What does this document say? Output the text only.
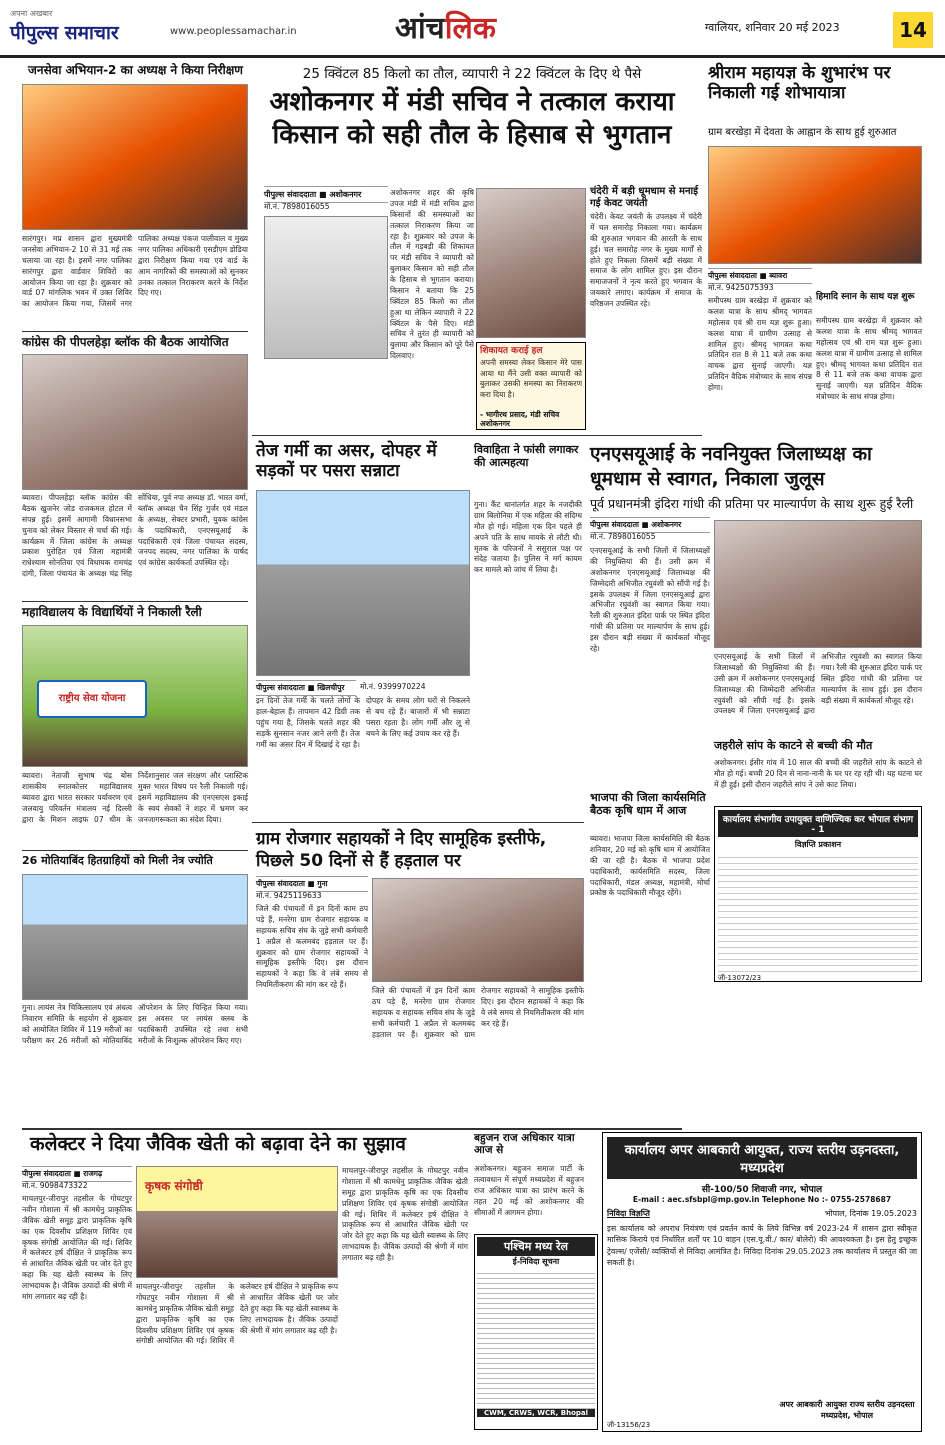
अपना अखबार
पीपुल्स समाचार	www.peoplessamachar.in	आंचलिक	ग्वालियर, शनिवार 20 मई 2023	14
जनसेवा अभियान-2 का अध्यक्ष ने किया निरीक्षण
सारंगपुर। मप्र शासन द्वारा मुख्यमंत्री जनसेवा अभियान-2 10 से 31 मई तक चलाया जा रहा है। इसमें नगर पालिका सारंगपुर द्वारा वार्डवार शिविरों का आयोजन किया जा रहा है। शुक्रवार को वार्ड 07 मांगलिक भवन में उक्त शिविर का आयोजन किया गया, जिसमें नगर पालिका अध्यक्ष पंकज पालीवाल व मुख्य नगर पालिका अधिकारी एसडीएम डोडिया द्वारा निरीक्षण किया गया एवं वार्ड के आम नागरिकों की समस्याओं को सुनकर उनका तत्काल निराकरण करने के निर्देश दिए गए।
कांग्रेस की पीपलहेड़ा ब्लॉक की बैठक आयोजित
ब्यावरा। पीपलहेड़ा ब्लॉक कांग्रेस की बैठक खुजनेर जोड राजकमल होटल में संपन्न हुई। इसमें आगामी विधानसभा चुनाव को लेकर विस्तार से चर्चा की गई। कार्यक्रम में जिला कांग्रेस के अध्यक्ष प्रकाश पुरोहित एवं जिला महामंत्री राधेश्याम सोनतिया एवं विधायक रामचंद्र दांगी, जिला पंचायत के अध्यक्ष चंद्र सिंह सोंधिया, पूर्व नपा अध्यक्ष डॉ. भारत वर्मा, ब्लॉक अध्यक्ष चैन सिंह गुर्जर एवं मंडल के अध्यक्ष, सेक्टर प्रभारी, युवक कांग्रेस के पदाधिकारी, एनएसयूआई के पदाधिकारी एवं जिला पंचायत सदस्य, जनपद सदस्य, नगर पालिका के पार्षद एवं कांग्रेस कार्यकर्ता उपस्थित रहे।
महाविद्यालय के विद्यार्थियों ने निकाली रैली
राष्ट्रीय सेवा योजना
ब्यावरा। नेताजी सुभाष चंद्र बोस शासकीय स्नातकोत्तर महाविद्यालय ब्यावरा द्वारा भारत सरकार पर्यावरण एवं जलवायु परिवर्तन मंत्रालय नई दिल्ली द्वारा के मिशन लाइफ 07 थीम के निर्देशानुसार जल संरक्षण और प्लास्टिक मुक्त भारत विषय पर रैली निकाली गई। इसमें महाविद्यालय की एनएसएस इकाई के स्वयं सेवकों ने शहर में भ्रमण कर जनजागरूकता का संदेश दिया।
26 मोतियाबिंद हितग्राहियों को मिली नेत्र ज्योति
गुना। लायंस नेत्र चिकित्सालय एवं अंधत्व निवारण समिति के सहयोग से शुक्रवार को आयोजित शिविर में 119 मरीजों का परीक्षण कर 26 मरीजों को मोतियाबिंद ऑपरेशन के लिए चिन्हित किया गया। इस अवसर पर लायंस क्लब के पदाधिकारी उपस्थित रहे तथा सभी मरीजों के निःशुल्क ऑपरेशन किए गए।
25 क्विंटल 85 किलो का तौल, व्यापारी ने 22 क्विंटल के दिए थे पैसे
अशोकनगर में मंडी सचिव ने तत्काल कराया किसान को सही तौल के हिसाब से भुगतान
पीपुल्स संवाददाता ■ अशोकनगर
मो.नं. 7898016055
अशोकनगर शहर की कृषि उपज मंडी में मंडी सचिव द्वारा किसानों की समस्याओं का तत्काल निराकरण किया जा रहा है। शुक्रवार को उपज के तौल में गड़बड़ी की शिकायत पर मंडी सचिव ने व्यापारी को बुलाकर किसान को सही तौल के हिसाब से भुगतान कराया। किसान ने बताया कि 25 क्विंटल 85 किलो का तौल हुआ था लेकिन व्यापारी ने 22 क्विंटल के पैसे दिए। मंडी सचिव ने तुरंत ही व्यापारी को बुलाया और किसान को पूरे पैसे दिलवाए।	शिकायत कराई हल
अपनी समस्या लेकर किसान मेरे पास आया था मैंने उसी वक्त व्यापारी को बुलाकर उसकी समस्या का निराकरण करा दिया है।
- भागीरथ प्रसाद, मंडी सचिव अशोकनगर
चंदेरी में बड़ी धूमधाम से मनाई गई केवट जयंती
चंदेरी। केवट जयंती के उपलक्ष्य में चंदेरी में चल समारोह निकाला गया। कार्यक्रम की शुरुआत भगवान की आरती के साथ हुई। चल समारोह नगर के मुख्य मार्गों से होते हुए निकला जिसमें बड़ी संख्या में समाज के लोग शामिल हुए। इस दौरान समाजजनों ने नृत्य करते हुए भगवान के जयकारे लगाए। कार्यक्रम में समाज के वरिष्ठजन उपस्थित रहे।
तेज गर्मी का असर, दोपहर में सड़कों पर पसरा सन्नाटा
पीपुल्स संवाददाता ■ खिलचीपुर	मो.नं. 9399970224
इन दिनों तेज गर्मी के चलते लोगों के हाल-बेहाल हैं। तापमान 42 डिग्री तक पहुंच गया है, जिसके चलते शहर की सड़कें सुनसान नजर आने लगी हैं। तेज गर्मी का असर दिन में दिखाई दे रहा है। दोपहर के समय लोग घरों से निकलने से बच रहे हैं। बाजारों में भी सन्नाटा पसरा रहता है। लोग गर्मी और लू से बचने के लिए कई उपाय कर रहे हैं।
विवाहिता ने फांसी लगाकर की आत्महत्या
गुना। कैंट थानांतर्गत शहर के नजदीकी ग्राम बिलोनिया में एक महिला की संदिग्ध मौत हो गई। महिला एक दिन पहले ही अपने पति के साथ मायके से लौटी थी। मृतक के परिजनों ने ससुराल पक्ष पर संदेह जताया है। पुलिस ने मर्ग कायम कर मामले को जांच में लिया है।
एनएसयूआई के नवनियुक्त जिलाध्यक्ष का धूमधाम से स्वागत, निकाला जुलूस
पूर्व प्रधानमंत्री इंदिरा गांधी की प्रतिमा पर माल्यार्पण के साथ शुरू हुई रैली
पीपुल्स संवाददाता ■ अशोकनगर
मो.नं. 7898016055
एनएसयूआई के सभी जिलों में जिलाध्यक्षों की नियुक्तियां की हैं। उसी क्रम में अशोकनगर एनएसयूआई जिलाध्यक्ष की जिम्मेदारी अभिजीत रघुवंशी को सौंपी गई है। इसके उपलक्ष्य में जिला एनएसयूआई द्वारा अभिजीत रघुवंशी का स्वागत किया गया। रैली की शुरुआत इंदिरा पार्क पर स्थित इंदिरा गांधी की प्रतिमा पर माल्यार्पण के साथ हुई। इस दौरान बड़ी संख्या में कार्यकर्ता मौजूद रहे।
एनएसयूआई के सभी जिलों में जिलाध्यक्षों की नियुक्तियां की हैं। उसी क्रम में अशोकनगर एनएसयूआई जिलाध्यक्ष की जिम्मेदारी अभिजीत रघुवंशी को सौंपी गई है। इसके उपलक्ष्य में जिला एनएसयूआई द्वारा अभिजीत रघुवंशी का स्वागत किया गया। रैली की शुरुआत इंदिरा पार्क पर स्थित इंदिरा गांधी की प्रतिमा पर माल्यार्पण के साथ हुई। इस दौरान बड़ी संख्या में कार्यकर्ता मौजूद रहे।
भाजपा की जिला कार्यसमिति बैठक कृषि धाम में आज
ब्यावरा। भाजपा जिला कार्यसमिति की बैठक शनिवार, 20 मई को कृषि धाम में आयोजित की जा रही है। बैठक में भाजपा प्रदेश पदाधिकारी, कार्यसमिति सदस्य, जिला पदाधिकारी, मंडल अध्यक्ष, महामंत्री, मोर्चा प्रकोष्ठ के पदाधिकारी मौजूद रहेंगे।
श्रीराम महायज्ञ के शुभारंभ पर निकाली गई शोभायात्रा
ग्राम बरखेड़ा में देवता के आह्वान के साथ हुई शुरुआत
पीपुल्स संवाददाता ■ ब्यावरा
मो.नं. 9425075393
समीपस्थ ग्राम बरखेड़ा में शुक्रवार को कलश यात्रा के साथ श्रीमद् भागवत महोत्सव एवं श्री राम यज्ञ शुरू हुआ। कलश यात्रा में ग्रामीण उत्साह से शामिल हुए। श्रीमद् भागवत कथा प्रतिदिन रात 8 से 11 बजे तक कथा वाचक द्वारा सुनाई जाएगी। यज्ञ प्रतिदिन वैदिक मंत्रोच्चार के साथ संपन्न होगा।
हिमादि स्नान के साथ यज्ञ शुरू
समीपस्थ ग्राम बरखेड़ा में शुक्रवार को कलश यात्रा के साथ श्रीमद् भागवत महोत्सव एवं श्री राम यज्ञ शुरू हुआ। कलश यात्रा में ग्रामीण उत्साह से शामिल हुए। श्रीमद् भागवत कथा प्रतिदिन रात 8 से 11 बजे तक कथा वाचक द्वारा सुनाई जाएगी। यज्ञ प्रतिदिन वैदिक मंत्रोच्चार के साथ संपन्न होगा।
जहरीले सांप के काटने से बच्ची की मौत
अशोकनगर। ईसीर गांव में 10 साल की बच्ची की जहरीले सांप के काटने से मौत हो गई। बच्ची 20 दिन से नाना-नानी के घर पर रह रही थी। यह घटना घर में ही हुई। इसी दौरान जहरीले सांप ने उसे काट लिया।
कार्यालय संभागीय उपायुक्त वाणिज्यिक कर भोपाल संभाग - 1
विज्ञप्ति प्रकाशन
जी-13072/23
ग्राम रोजगार सहायकों ने दिए सामूहिक इस्तीफे, पिछले 50 दिनों से हैं हड़ताल पर
पीपुल्स संवाददाता ■ गुना
मो.नं. 9425119633
जिले की पंचायतों में इन दिनों काम ठप पड़े हैं, मनरेगा ग्राम रोजगार सहायक व सहायक सचिव संघ के जुड़े सभी कर्मचारी 1 अप्रैल से कलमबंद हड़ताल पर हैं। शुक्रवार को ग्राम रोजगार सहायकों ने सामूहिक इस्तीफे दिए। इस दौरान सहायकों ने कहा कि वे लंबे समय से नियमितीकरण की मांग कर रहे हैं।
जिले की पंचायतों में इन दिनों काम ठप पड़े हैं, मनरेगा ग्राम रोजगार सहायक व सहायक सचिव संघ के जुड़े सभी कर्मचारी 1 अप्रैल से कलमबंद हड़ताल पर हैं। शुक्रवार को ग्राम रोजगार सहायकों ने सामूहिक इस्तीफे दिए। इस दौरान सहायकों ने कहा कि वे लंबे समय से नियमितीकरण की मांग कर रहे हैं।
कलेक्टर ने दिया जैविक खेती को बढ़ावा देने का सुझाव
पीपुल्स संवाददाता ■ राजगढ़
मो.नं. 9098473322
माचलपुर-जीरापुर तहसील के गोघटपुर नवीन गोशाला में श्री कामधेनु प्राकृतिक जैविक खेती समूह द्वारा प्राकृतिक कृषि का एक दिवसीय प्रशिक्षण शिविर एवं कृषक संगोष्ठी आयोजित की गई। शिविर में कलेक्टर हर्ष दीक्षित ने प्राकृतिक रूप से आधारित जैविक खेती पर जोर देते हुए कहा कि यह खेती स्वास्थ्य के लिए लाभदायक है। जैविक उत्पादों की श्रेणी में मांग लगातार बढ़ रही है।
कृषक संगोष्ठी
माचलपुर-जीरापुर तहसील के गोघटपुर नवीन गोशाला में श्री कामधेनु प्राकृतिक जैविक खेती समूह द्वारा प्राकृतिक कृषि का एक दिवसीय प्रशिक्षण शिविर एवं कृषक संगोष्ठी आयोजित की गई। शिविर में कलेक्टर हर्ष दीक्षित ने प्राकृतिक रूप से आधारित जैविक खेती पर जोर देते हुए कहा कि यह खेती स्वास्थ्य के लिए लाभदायक है। जैविक उत्पादों की श्रेणी में मांग लगातार बढ़ रही है।
माचलपुर-जीरापुर तहसील के गोघटपुर नवीन गोशाला में श्री कामधेनु प्राकृतिक जैविक खेती समूह द्वारा प्राकृतिक कृषि का एक दिवसीय प्रशिक्षण शिविर एवं कृषक संगोष्ठी आयोजित की गई। शिविर में कलेक्टर हर्ष दीक्षित ने प्राकृतिक रूप से आधारित जैविक खेती पर जोर देते हुए कहा कि यह खेती स्वास्थ्य के लिए लाभदायक है। जैविक उत्पादों की श्रेणी में मांग लगातार बढ़ रही है।
बहुजन राज अधिकार यात्रा आज से
अशोकनगर। बहुजन समाज पार्टी के तत्वावधान में संपूर्ण मध्यप्रदेश में बहुजन राज अधिकार यात्रा का प्रारंभ करने के तहत 20 मई को अशोकनगर की सीमाओं में आगमन होगा।
पश्चिम मध्य रेल
ई-निविदा सूचना
CWM, CRWS, WCR, Bhopal
कार्यालय अपर आबकारी आयुक्त, राज्य स्तरीय उड़नदस्ता, मध्यप्रदेश
सी-100/50 शिवाजी नगर, भोपाल
E-mail : aec.sfsbpl@mp.gov.in Telephone No :- 0755-2578687
निविदा विज्ञप्ति	भोपाल, दिनांक 19.05.2023
इस कार्यालय को अपराध नियंत्रण एवं प्रवर्तन कार्य के लिये विभिन्न वर्ष 2023-24 में शासन द्वारा स्वीकृत मासिक किराये एवं निर्धारित शर्तों पर 10 वाहन (एस.यू.वी./ कार/ बोलेरो) की आवश्यकता है। इस हेतु इच्छुक ट्रेवल्स/ एजेंसी/ व्यक्तियों से निविदा आमंत्रित है। निविदा दिनांक 29.05.2023 तक कार्यालय में प्रस्तुत की जा सकती है।
अपर आबकारी आयुक्त राज्य स्तरीय उड़नदस्ता मध्यप्रदेश, भोपाल
जी-13156/23
